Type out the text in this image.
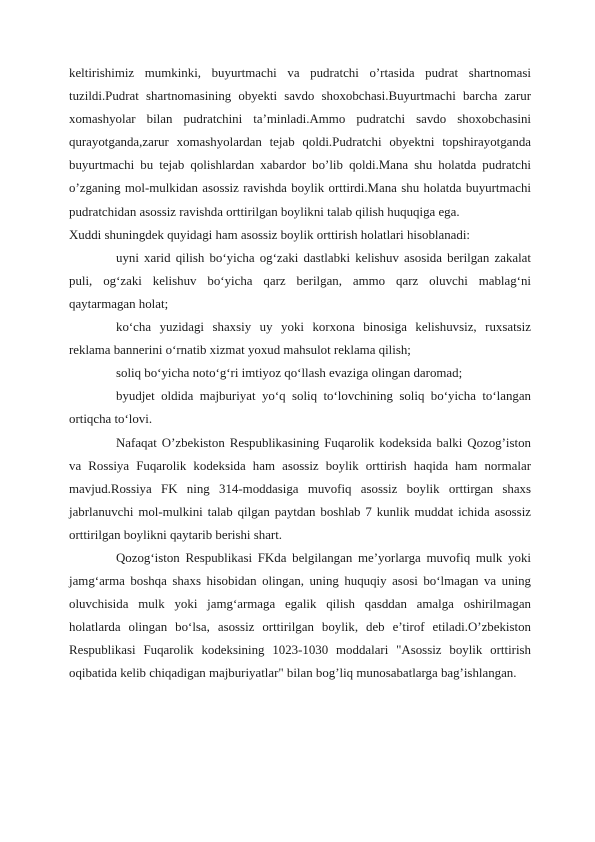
keltirishimiz mumkinki, buyurtmachi va pudratchi o’rtasida pudrat shartnomasi tuzildi.Pudrat shartnomasining obyekti savdo shoxobchasi.Buyurtmachi barcha zarur xomashyolar bilan pudratchini ta’minladi.Ammo pudratchi savdo shoxobchasini qurayotganda,zarur xomashyolardan tejab qoldi.Pudratchi obyektni topshirayotganda buyurtmachi bu tejab qolishlardan xabardor bo’lib qoldi.Mana shu holatda pudratchi o’zganing mol-mulkidan asossiz ravishda boylik orttirdi.Mana shu holatda buyurtmachi pudratchidan asossiz ravishda orttirilgan boylikni talab qilish huquqiga ega.

Xuddi shuningdek quyidagi ham asossiz boylik orttirish holatlari hisoblanadi:

uyni xarid qilish bo‘yicha og‘zaki dastlabki kelishuv asosida berilgan zakalat puli, og‘zaki kelishuv bo‘yicha qarz berilgan, ammo qarz oluvchi mablag‘ni qaytarmagan holat;

ko‘cha yuzidagi shaxsiy uy yoki korxona binosiga kelishuvsiz, ruxsatsiz reklama bannerini o‘rnatib xizmat yoxud mahsulot reklama qilish;

soliq bo‘yicha noto‘g‘ri imtiyoz qo‘llash evaziga olingan daromad;

byudjet oldida majburiyat yo‘q soliq to‘lovchining soliq bo‘yicha to‘langan ortiqcha to‘lovi.

Nafaqat O’zbekiston Respublikasining Fuqarolik kodeksida balki Qozog’iston va Rossiya Fuqarolik kodeksida ham asossiz boylik orttirish haqida ham normalar mavjud.Rossiya FK ning 314-moddasiga muvofiq asossiz boylik orttirgan shaxs jabrlanuvchi mol-mulkini talab qilgan paytdan boshlab 7 kunlik muddat ichida asossiz orttirilgan boylikni qaytarib berishi shart.

Qozog‘iston Respublikasi FKda belgilangan me’yorlarga muvofiq mulk yoki jamg‘arma boshqa shaxs hisobidan olingan, uning huquqiy asosi bo‘lmagan va uning oluvchisida mulk yoki jamg‘armaga egalik qilish qasddan amalga oshirilmagan holatlarda olingan bo‘lsa, asossiz orttirilgan boylik, deb e’tirof etiladi.O’zbekiston Respublikasi Fuqarolik kodeksining 1023-1030 moddalari "Asossiz boylik orttirish oqibatida kelib chiqadigan majburiyatlar" bilan bog’liq munosabatlarga bag’ishlangan.
